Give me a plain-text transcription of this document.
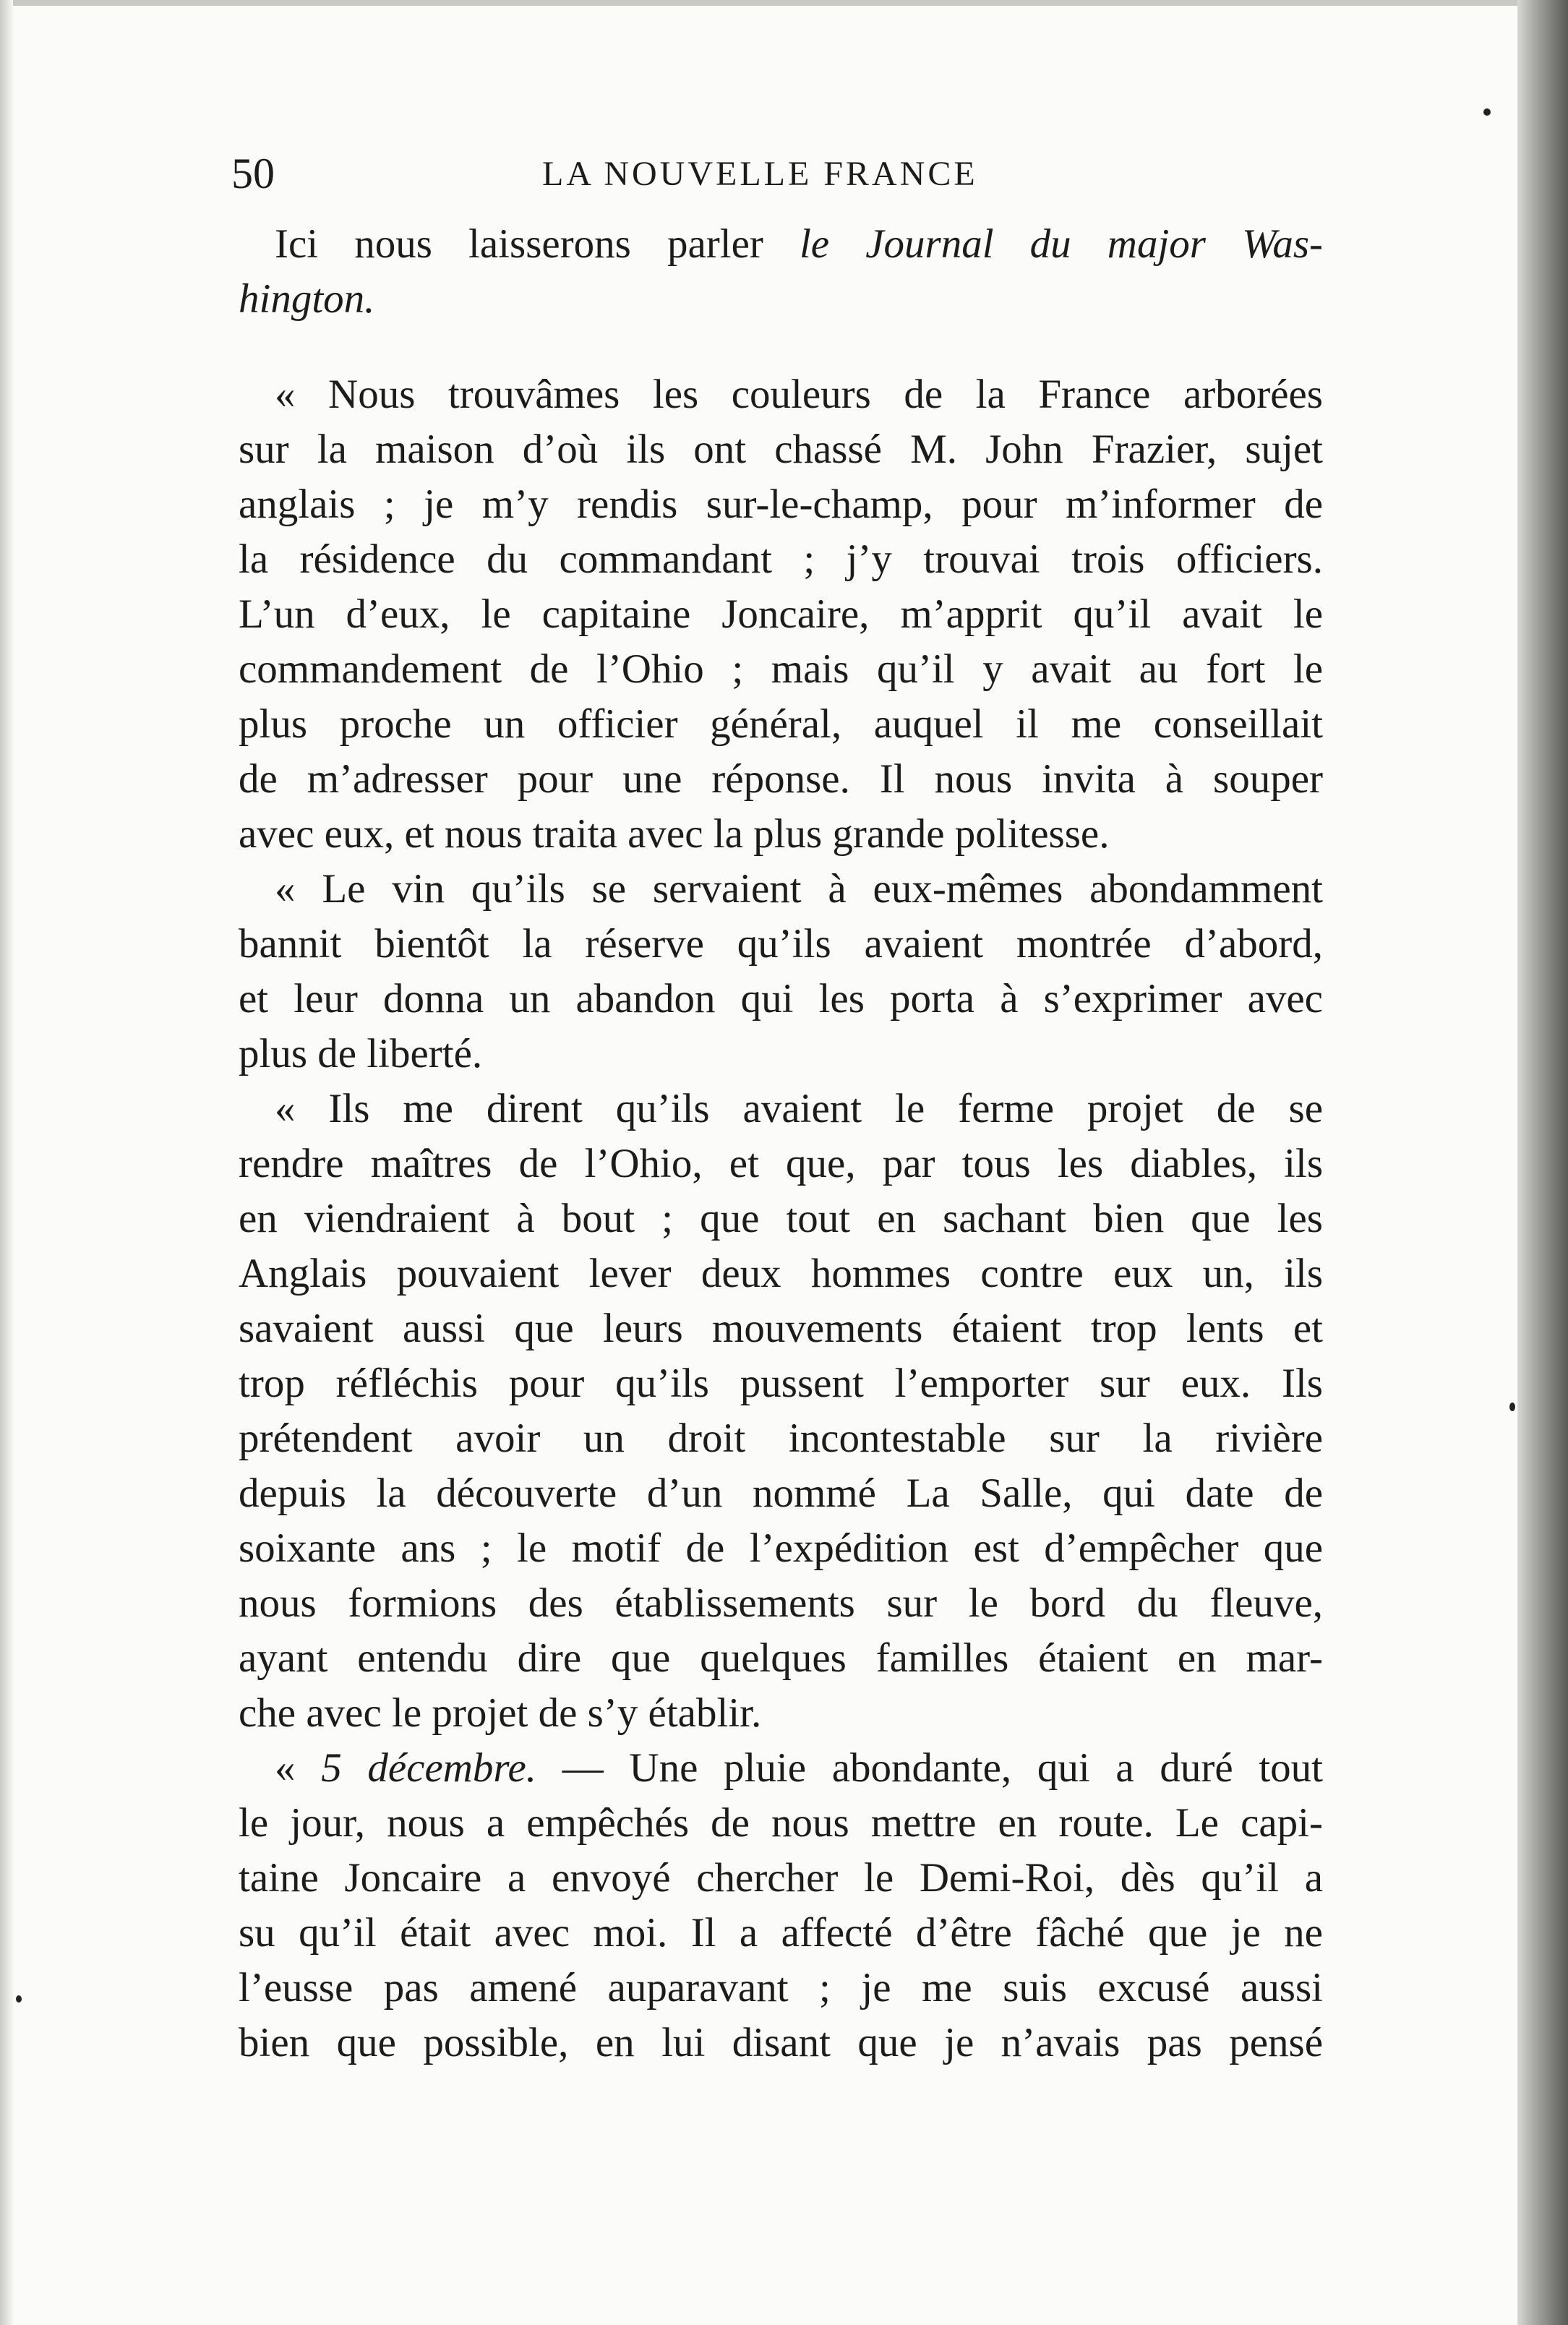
50	LA NOUVELLE FRANCE
Ici nous laisserons parler le Journal du major Was-
hington.
« Nous trouvâmes les couleurs de la France arborées
sur la maison d’où ils ont chassé M. John Frazier, sujet
anglais ; je m’y rendis sur-le-champ, pour m’informer de
la résidence du commandant ; j’y trouvai trois officiers.
L’un d’eux, le capitaine Joncaire, m’apprit qu’il avait le
commandement de l’Ohio ; mais qu’il y avait au fort le
plus proche un officier général, auquel il me conseillait
de m’adresser pour une réponse. Il nous invita à souper
avec eux, et nous traita avec la plus grande politesse.
« Le vin qu’ils se servaient à eux-mêmes abondamment
bannit bientôt la réserve qu’ils avaient montrée d’abord,
et leur donna un abandon qui les porta à s’exprimer avec
plus de liberté.
« Ils me dirent qu’ils avaient le ferme projet de se
rendre maîtres de l’Ohio, et que, par tous les diables, ils
en viendraient à bout ; que tout en sachant bien que les
Anglais pouvaient lever deux hommes contre eux un, ils
savaient aussi que leurs mouvements étaient trop lents et
trop réfléchis pour qu’ils pussent l’emporter sur eux. Ils
prétendent avoir un droit incontestable sur la rivière
depuis la découverte d’un nommé La Salle, qui date de
soixante ans ; le motif de l’expédition est d’empêcher que
nous formions des établissements sur le bord du fleuve,
ayant entendu dire que quelques familles étaient en mar-
che avec le projet de s’y établir.
« 5 décembre. — Une pluie abondante, qui a duré tout
le jour, nous a empêchés de nous mettre en route. Le capi-
taine Joncaire a envoyé chercher le Demi-Roi, dès qu’il a
su qu’il était avec moi. Il a affecté d’être fâché que je ne
l’eusse pas amené auparavant ; je me suis excusé aussi
bien que possible, en lui disant que je n’avais pas pensé
